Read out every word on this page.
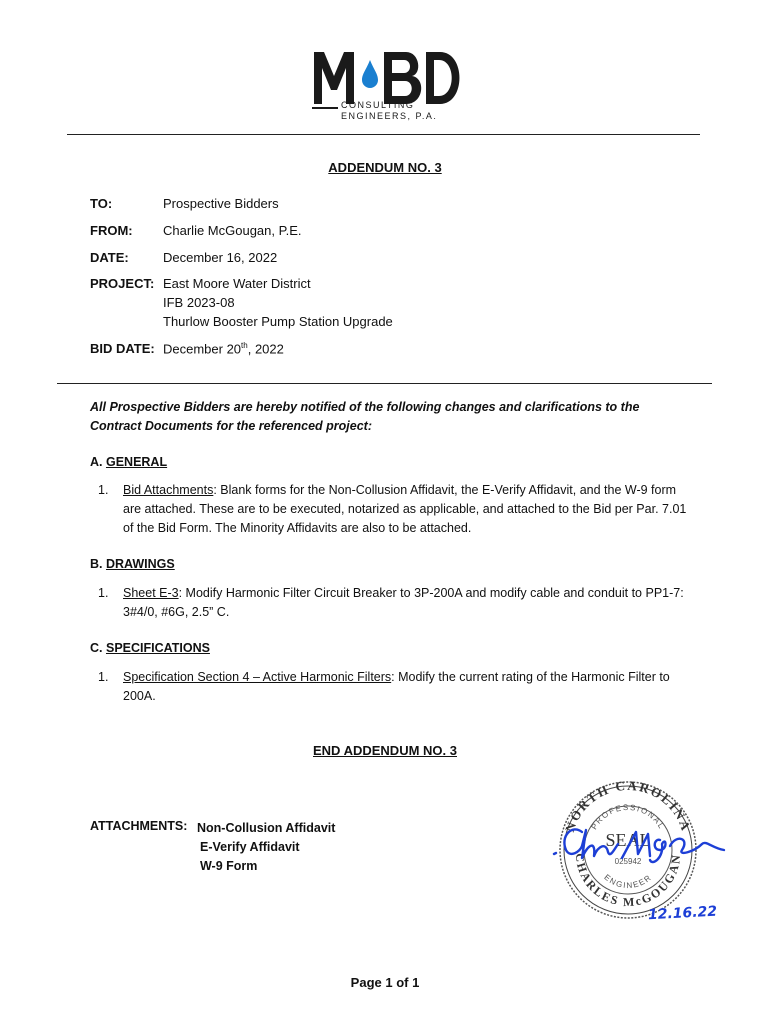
CONSULTING
ENGINEERS, P.A.
ADDENDUM NO. 3
TO:	Prospective Bidders
FROM: Charlie McGougan, P.E.
DATE:	December 16, 2022
PROJECT: East Moore Water District
IFB 2023-08
Thurlow Booster Pump Station Upgrade
BID DATE: December 20th, 2022
All Prospective Bidders are hereby notified of the following changes and clarifications to the Contract Documents for the referenced project:
A. GENERAL
1. Bid Attachments: Blank forms for the Non-Collusion Affidavit, the E-Verify Affidavit, and the W-9 form are attached. These are to be executed, notarized as applicable, and attached to the Bid per Par. 7.01 of the Bid Form. The Minority Affidavits are also to be attached.
B. DRAWINGS
1. Sheet E-3: Modify Harmonic Filter Circuit Breaker to 3P-200A and modify cable and conduit to PP1-7: 3#4/0, #6G, 2.5” C.
C. SPECIFICATIONS
1. Specification Section 4 – Active Harmonic Filters: Modify the current rating of the Harmonic Filter to 200A.
END ADDENDUM NO. 3
ATTACHMENTS: Non-Collusion Affidavit
E-Verify Affidavit
W-9 Form
NORTH CAROLINA
CHARLES McGOUGAN
PROFESSIONAL
ENGINEER
SEAL
025942
12.16.22
Page 1 of 1
